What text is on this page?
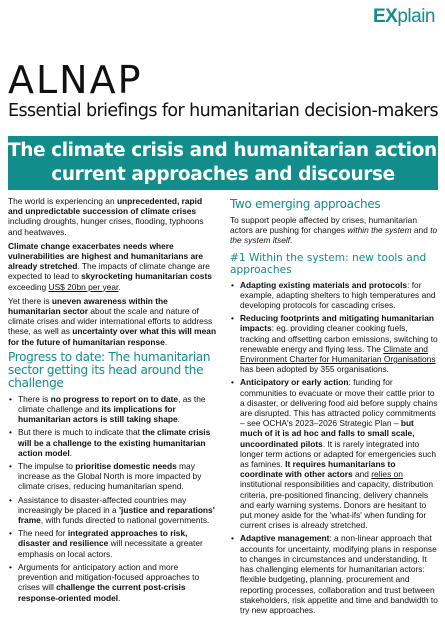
EXplain
ALNAP
Essential briefings for humanitarian decision-makers
The climate crisis and humanitarian action:
current approaches and discourse

The world is experiencing an unprecedented, rapid and unpredictable succession of climate crises including droughts, hunger crises, flooding, typhoons and heatwaves.

Climate change exacerbates needs where vulnerabilities are highest and humanitarians are already stretched. The impacts of climate change are expected to lead to skyrocketing humanitarian costs exceeding US$ 20bn per year.

Yet there is uneven awareness within the humanitarian sector about the scale and nature of climate crises and wider international efforts to address these, as well as uncertainty over what this will mean for the future of humanitarian response.

Progress to date: The humanitarian sector getting its head around the challenge
• There is no progress to report on to date, as the climate challenge and its implications for humanitarian actors is still taking shape.
• But there is much to indicate that the climate crisis will be a challenge to the existing humanitarian action model.
• The impulse to prioritise domestic needs may increase as the Global North is more impacted by climate crises, reducing humanitarian spend.
• Assistance to disaster-affected countries may increasingly be placed in a 'justice and reparations' frame, with funds directed to national governments.
• The need for integrated approaches to risk, disaster and resilience will necessitate a greater emphasis on local actors.
• Arguments for anticipatory action and more prevention and mitigation-focused approaches to crises will challenge the current post-crisis response-oriented model.
Two emerging approaches

To support people affected by crises, humanitarian actors are pushing for changes within the system and to the system itself.

#1 Within the system: new tools and approaches
• Adapting existing materials and protocols: for example, adapting shelters to high temperatures and developing protocols for cascading crises.
• Reducing footprints and mitigating humanitarian impacts: eg. providing cleaner cooking fuels, tracking and offsetting carbon emissions, switching to renewable energy and flying less. The Climate and Environment Charter for Humanitarian Organisations has been adopted by 355 organisations.
• Anticipatory or early action: funding for communities to evacuate or move their cattle prior to a disaster, or delivering food aid before supply chains are disrupted. This has attracted policy commitments – see OCHA's 2023–2026 Strategic Plan – but much of it is ad hoc and falls to small scale, uncoordinated pilots. It is rarely integrated into longer term actions or adapted for emergencies such as famines. It requires humanitarians to coordinate with other actors and relies on institutional responsibilities and capacity, distribution criteria, pre-positioned financing, delivery channels and early warning systems. Donors are hesitant to put money aside for the 'what-ifs' when funding for current crises is already stretched.
• Adaptive management: a non-linear approach that accounts for uncertainty, modifying plans in response to changes in circumstances and understanding. It has challenging elements for humanitarian actors: flexible budgeting, planning, procurement and reporting processes, collaboration and trust between stakeholders, risk appetite and time and bandwidth to try new approaches.
